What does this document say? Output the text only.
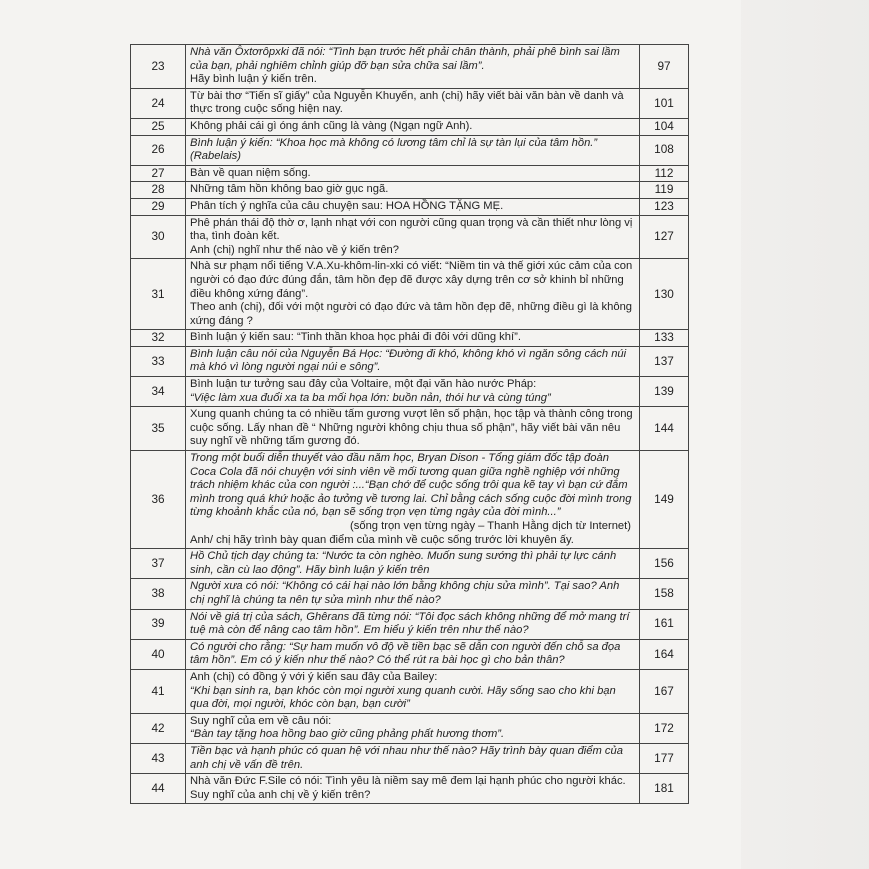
23	Nhà văn Ôxtơrôpxki đã nói: “Tình bạn trước hết phải chân thành, phải phê bình sai lầm của bạn, phải nghiêm chỉnh giúp đỡ bạn sửa chữa sai lầm”.
Hãy bình luận ý kiến trên.	97
24	Từ bài thơ “Tiến sĩ giấy” của Nguyễn Khuyến, anh (chị) hãy viết bài văn bàn về danh và thực trong cuộc sống hiện nay.	101
25	Không phải cái gì óng ánh cũng là vàng (Ngạn ngữ Anh).	104
26	Bình luận ý kiến: “Khoa học mà không có lương tâm chỉ là sự tàn lụi của tâm hồn.” (Rabelais)	108
27	Bàn về quan niệm sống.	112
28	Những tâm hồn không bao giờ gục ngã.	119
29	Phân tích ý nghĩa của câu chuyện sau: HOA HỒNG TẶNG MẸ.	123
30	Phê phán thái độ thờ ơ, lạnh nhạt với con người cũng quan trọng và cần thiết như lòng vị tha, tình đoàn kết.
Anh (chị) nghĩ như thế nào về ý kiến trên?	127
31	Nhà sư phạm nổi tiếng V.A.Xu-khôm-lin-xki có viết: “Niềm tin và thế giới xúc cảm của con người có đạo đức đúng đắn, tâm hồn đẹp đẽ được xây dựng trên cơ sở khinh bỉ những điều không xứng đáng”.
Theo anh (chị), đối với một người có đạo đức và tâm hồn đẹp đẽ, những điều gì là không xứng đáng ?	130
32	Bình luận ý kiến sau: “Tinh thần khoa học phải đi đôi với dũng khí”.	133
33	Bình luận câu nói của Nguyễn Bá Học: “Đường đi khó, không khó vì ngăn sông cách núi mà khó vì lòng người ngại núi e sông”.	137
34	Bình luận tư tưởng sau đây của Voltaire, một đại văn hào nước Pháp:
“Việc làm xua đuổi xa ta ba mối họa lớn: buồn nản, thói hư và cùng túng”	139
35	Xung quanh chúng ta có nhiều tấm gương vượt lên số phận, học tập và thành công trong cuộc sống. Lấy nhan đề “ Những người không chịu thua số phận”, hãy viết bài văn nêu suy nghĩ về những tấm gương đó.	144
36	Trong một buổi diễn thuyết vào đầu năm học, Bryan Dison - Tổng giám đốc tập đoàn Coca Cola đã nói chuyện với sinh viên về mối tương quan giữa nghề nghiệp với những trách nhiệm khác của con người :...“Bạn chớ để cuộc sống trôi qua kẽ tay vì bạn cứ đắm mình trong quá khứ hoặc ảo tưởng về tương lai. Chỉ bằng cách sống cuộc đời mình trong từng khoảnh khắc của nó, bạn sẽ sống trọn vẹn từng ngày của đời mình...”
(sống trọn vẹn từng ngày – Thanh Hằng dịch từ Internet)
Anh/ chị hãy trình bày quan điểm của mình về cuộc sống trước lời khuyên ấy.	149
37	Hồ Chủ tịch dạy chúng ta: “Nước ta còn nghèo. Muốn sung sướng thì phải tự lực cánh sinh, cần cù lao động”. Hãy bình luận ý kiến trên	156
38	Người xưa có nói: “Không có cái hại nào lớn bằng không chịu sửa mình”. Tại sao? Anh chị nghĩ là chúng ta nên tự sửa mình như thế nào?	158
39	Nói về giá trị của sách, Ghêrans đã từng nói: “Tôi đọc sách không những để mở mang trí tuệ mà còn để nâng cao tâm hồn”. Em hiểu ý kiến trên như thế nào?	161
40	Có người cho rằng: “Sự ham muốn vô độ về tiền bạc sẽ dẫn con người đến chỗ sa đọa tâm hồn”. Em có ý kiến như thế nào? Có thể rút ra bài học gì cho bản thân?	164
41	Anh (chị) có đồng ý với ý kiến sau đây của Bailey:
“Khi bạn sinh ra, bạn khóc còn mọi người xung quanh cười. Hãy sống sao cho khi bạn qua đời, mọi người, khóc còn bạn, bạn cười”	167
42	Suy nghĩ của em về câu nói:
“Bàn tay tặng hoa hồng bao giờ cũng phảng phất hương thơm”.	172
43	Tiền bạc và hạnh phúc có quan hệ với nhau như thế nào? Hãy trình bày quan điểm của anh chị về vấn đề trên.	177
44	Nhà văn Đức F.Sile có nói: Tình yêu là niềm say mê đem lại hạnh phúc cho người khác. Suy nghĩ của anh chị về ý kiến trên?	181
